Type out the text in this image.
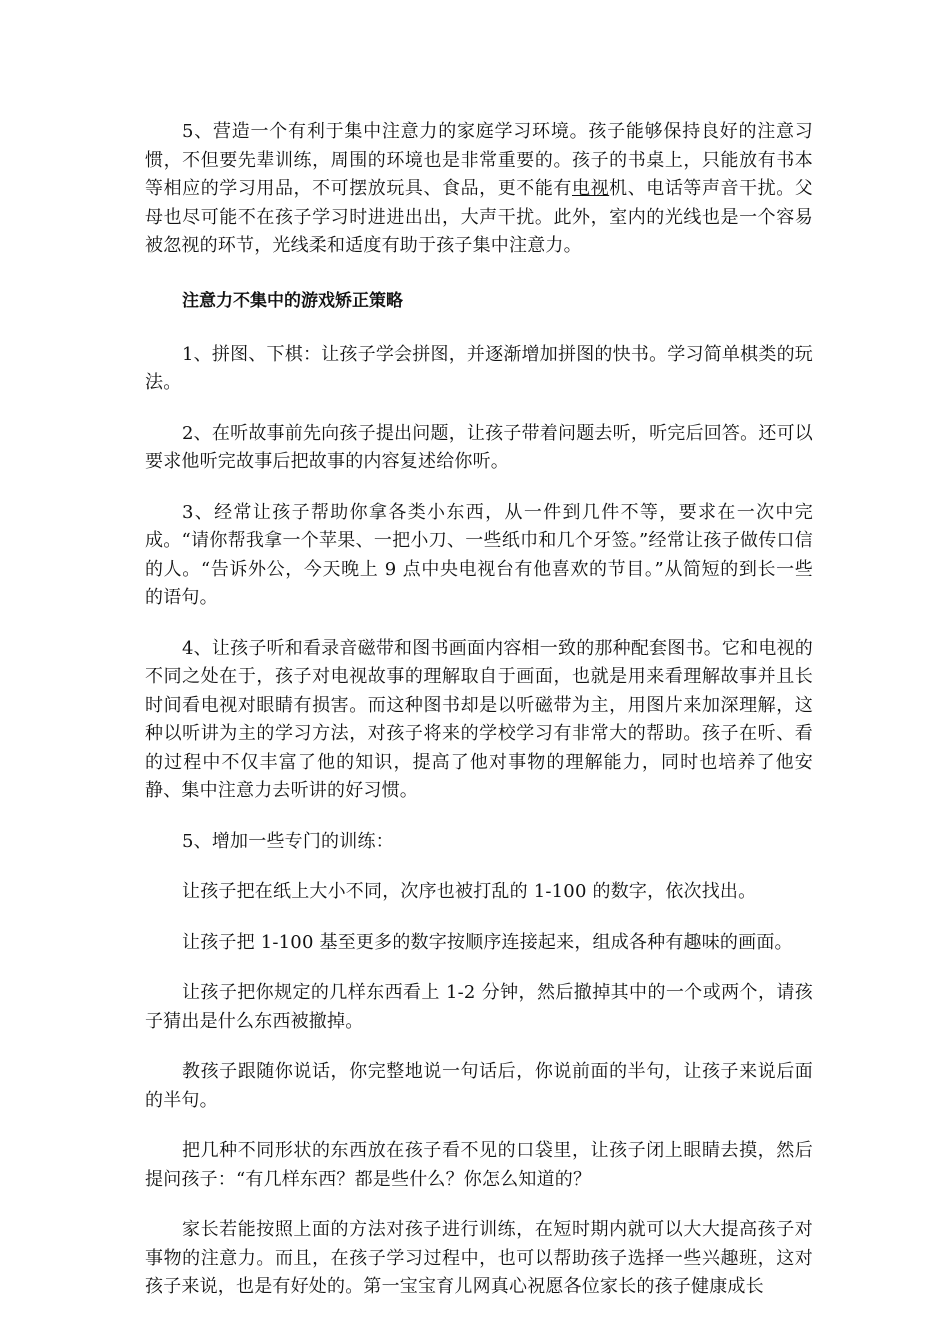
5、营造一个有利于集中注意力的家庭学习环境。孩子能够保持良好的注意习惯，不但要先辈训练，周围的环境也是非常重要的。孩子的书桌上，只能放有书本等相应的学习用品，不可摆放玩具、食品，更不能有电视机、电话等声音干扰。父母也尽可能不在孩子学习时进进出出，大声干扰。此外，室内的光线也是一个容易被忽视的环节，光线柔和适度有助于孩子集中注意力。

注意力不集中的游戏矫正策略

1、拼图、下棋：让孩子学会拼图，并逐渐增加拼图的快书。学习简单棋类的玩法。

2、在听故事前先向孩子提出问题，让孩子带着问题去听，听完后回答。还可以要求他听完故事后把故事的内容复述给你听。

3、经常让孩子帮助你拿各类小东西，从一件到几件不等，要求在一次中完成。“请你帮我拿一个苹果、一把小刀、一些纸巾和几个牙签。”经常让孩子做传口信的人。“告诉外公，今天晚上 9 点中央电视台有他喜欢的节目。”从简短的到长一些的语句。

4、让孩子听和看录音磁带和图书画面内容相一致的那种配套图书。它和电视的不同之处在于，孩子对电视故事的理解取自于画面，也就是用来看理解故事并且长时间看电视对眼睛有损害。而这种图书却是以听磁带为主，用图片来加深理解，这种以听讲为主的学习方法，对孩子将来的学校学习有非常大的帮助。孩子在听、看的过程中不仅丰富了他的知识，提高了他对事物的理解能力，同时也培养了他安静、集中注意力去听讲的好习惯。

5、增加一些专门的训练：

让孩子把在纸上大小不同，次序也被打乱的 1-100 的数字，依次找出。

让孩子把 1-100 基至更多的数字按顺序连接起来，组成各种有趣味的画面。

让孩子把你规定的几样东西看上 1-2 分钟，然后撤掉其中的一个或两个，请孩子猜出是什么东西被撤掉。

教孩子跟随你说话，你完整地说一句话后，你说前面的半句，让孩子来说后面的半句。

把几种不同形状的东西放在孩子看不见的口袋里，让孩子闭上眼睛去摸，然后提问孩子：“有几样东西？都是些什么？你怎么知道的？

家长若能按照上面的方法对孩子进行训练，在短时期内就可以大大提高孩子对事物的注意力。而且，在孩子学习过程中，也可以帮助孩子选择一些兴趣班，这对孩子来说，也是有好处的。第一宝宝育儿网真心祝愿各位家长的孩子健康成长
